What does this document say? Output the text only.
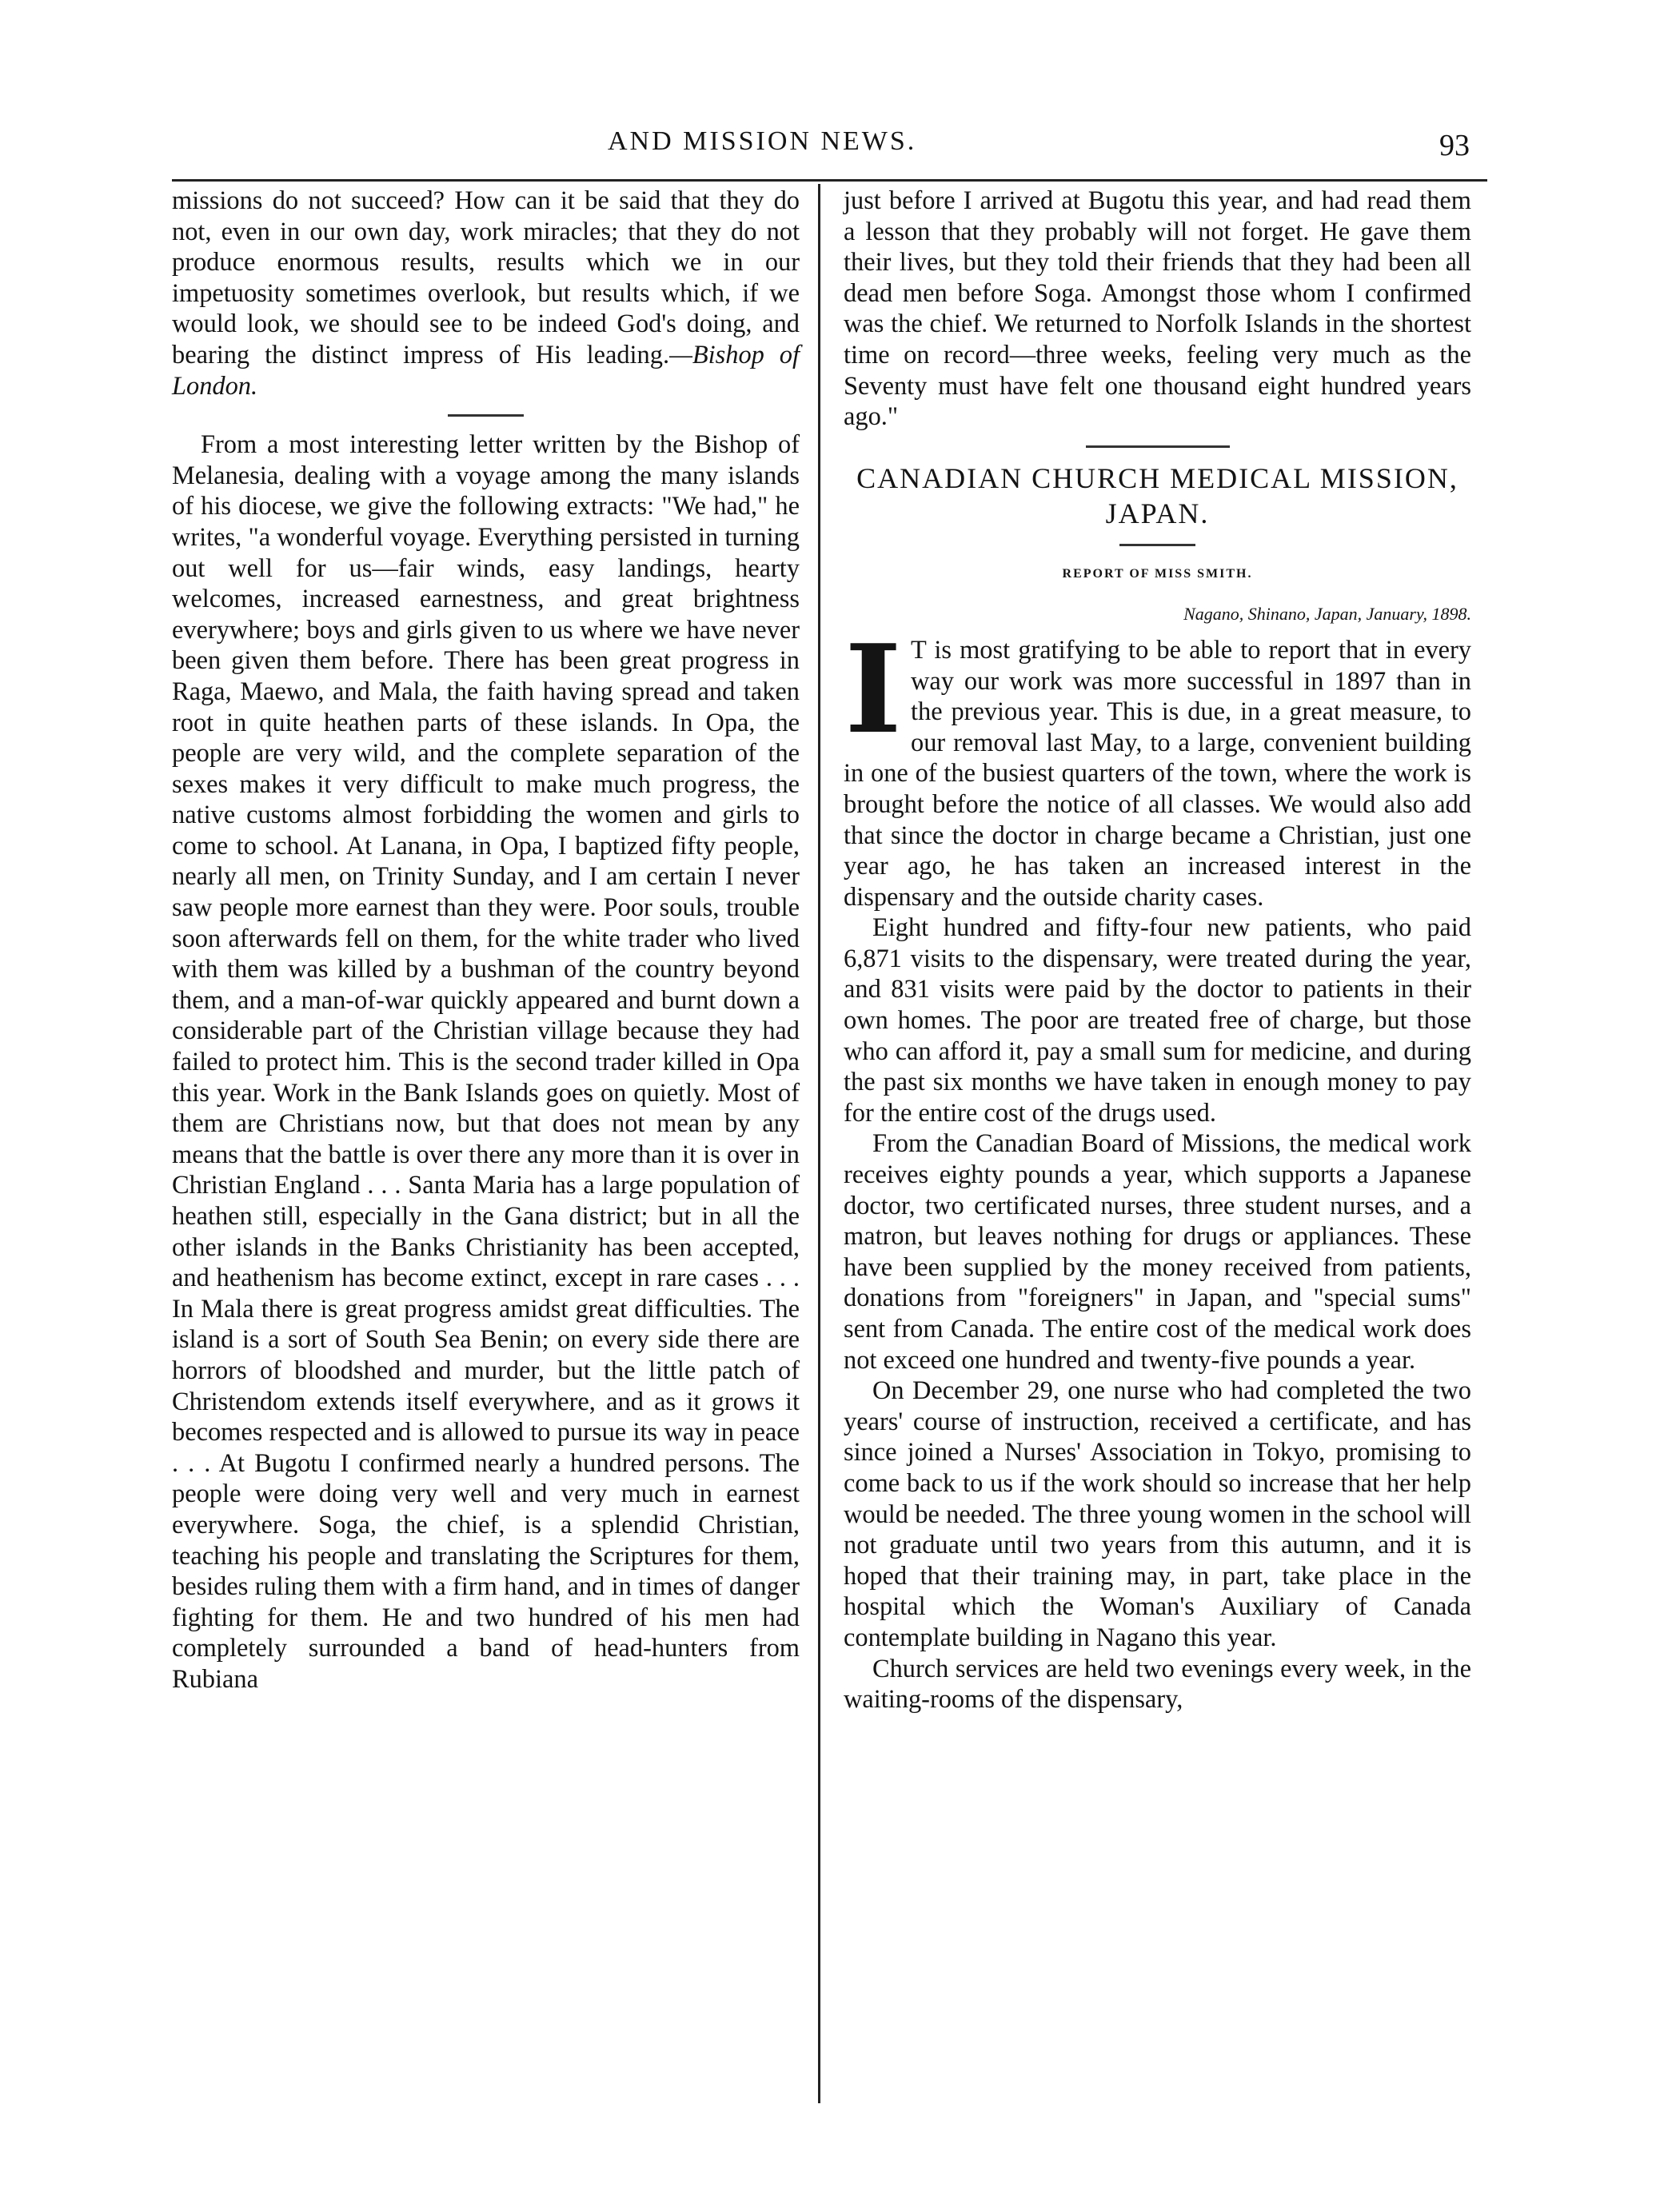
AND MISSION NEWS.	93

missions do not succeed? How can it be said that they do not, even in our own day, work miracles; that they do not produce enormous results, results which we in our impetuosity sometimes overlook, but results which, if we would look, we should see to be indeed God's doing, and bearing the distinct impress of His leading.—Bishop of London.

From a most interesting letter written by the Bishop of Melanesia, dealing with a voyage among the many islands of his diocese, we give the following extracts: "We had," he writes, "a wonderful voyage. Everything persisted in turning out well for us—fair winds, easy landings, hearty welcomes, increased earnestness, and great brightness everywhere; boys and girls given to us where we have never been given them before. There has been great progress in Raga, Maewo, and Mala, the faith having spread and taken root in quite heathen parts of these islands. In Opa, the people are very wild, and the complete separation of the sexes makes it very difficult to make much progress, the native customs almost forbidding the women and girls to come to school. At Lanana, in Opa, I baptized fifty people, nearly all men, on Trinity Sunday, and I am certain I never saw people more earnest than they were. Poor souls, trouble soon afterwards fell on them, for the white trader who lived with them was killed by a bushman of the country beyond them, and a man-of-war quickly appeared and burnt down a considerable part of the Christian village because they had failed to protect him. This is the second trader killed in Opa this year. Work in the Bank Islands goes on quietly. Most of them are Christians now, but that does not mean by any means that the battle is over there any more than it is over in Christian England . . . Santa Maria has a large population of heathen still, especially in the Gana district; but in all the other islands in the Banks Christianity has been accepted, and heathenism has become extinct, except in rare cases . . . In Mala there is great progress amidst great difficulties. The island is a sort of South Sea Benin; on every side there are horrors of bloodshed and murder, but the little patch of Christendom extends itself everywhere, and as it grows it becomes respected and is allowed to pursue its way in peace . . . At Bugotu I confirmed nearly a hundred persons. The people were doing very well and very much in earnest everywhere. Soga, the chief, is a splendid Christian, teaching his people and translating the Scriptures for them, besides ruling them with a firm hand, and in times of danger fighting for them. He and two hundred of his men had completely surrounded a band of head-hunters from Rubiana

just before I arrived at Bugotu this year, and had read them a lesson that they probably will not forget. He gave them their lives, but they told their friends that they had been all dead men before Soga. Amongst those whom I confirmed was the chief. We returned to Norfolk Islands in the shortest time on record—three weeks, feeling very much as the Seventy must have felt one thousand eight hundred years ago."

CANADIAN CHURCH MEDICAL MISSION, JAPAN.
REPORT OF MISS SMITH.
Nagano, Shinano, Japan, January, 1898.
I T is most gratifying to be able to report that in every way our work was more successful in 1897 than in the previous year. This is due, in a great measure, to our removal last May, to a large, convenient building in one of the busiest quarters of the town, where the work is brought before the notice of all classes. We would also add that since the doctor in charge became a Christian, just one year ago, he has taken an increased interest in the dispensary and the outside charity cases.

Eight hundred and fifty-four new patients, who paid 6,871 visits to the dispensary, were treated during the year, and 831 visits were paid by the doctor to patients in their own homes. The poor are treated free of charge, but those who can afford it, pay a small sum for medicine, and during the past six months we have taken in enough money to pay for the entire cost of the drugs used.

From the Canadian Board of Missions, the medical work receives eighty pounds a year, which supports a Japanese doctor, two certificated nurses, three student nurses, and a matron, but leaves nothing for drugs or appliances. These have been supplied by the money received from patients, donations from "foreigners" in Japan, and "special sums" sent from Canada. The entire cost of the medical work does not exceed one hundred and twenty-five pounds a year.

On December 29, one nurse who had completed the two years' course of instruction, received a certificate, and has since joined a Nurses' Association in Tokyo, promising to come back to us if the work should so increase that her help would be needed. The three young women in the school will not graduate until two years from this autumn, and it is hoped that their training may, in part, take place in the hospital which the Woman's Auxiliary of Canada contemplate building in Nagano this year.

Church services are held two evenings every week, in the waiting-rooms of the dispensary,
